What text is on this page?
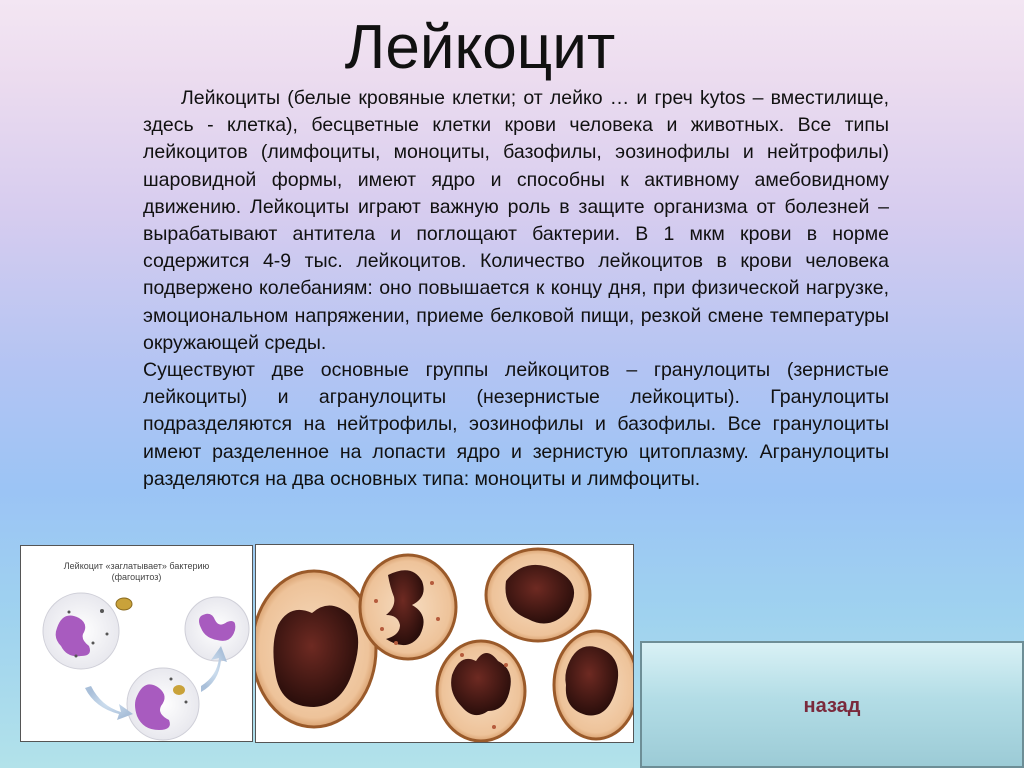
Лейкоцит

Лейкоциты (белые кровяные клетки; от лейко … и греч kytos – вместилище, здесь - клетка), бесцветные клетки крови человека и животных. Все типы лейкоцитов (лимфоциты, моноциты, базофилы, эозинофилы и нейтрофилы) шаровидной формы, имеют ядро и способны к активному амебовидному движению. Лейкоциты играют важную роль в защите организма от болезней – вырабатывают антитела и поглощают бактерии. В 1 мкм крови в норме содержится 4-9 тыс. лейкоцитов. Количество лейкоцитов в крови человека подвержено колебаниям: оно повышается к концу дня, при физической нагрузке, эмоциональном напряжении, приеме белковой пищи, резкой смене температуры окружающей среды.

Существуют две основные группы лейкоцитов – гранулоциты (зернистые лейкоциты) и агранулоциты (незернистые лейкоциты). Гранулоциты подразделяются на нейтрофилы, эозинофилы и базофилы. Все гранулоциты имеют разделенное на лопасти ядро и зернистую цитоплазму. Агранулоциты разделяются на два основных типа: моноциты и лимфоциты.

Лейкоцит «заглатывает» бактерию
(фагоцитоз)
назад
